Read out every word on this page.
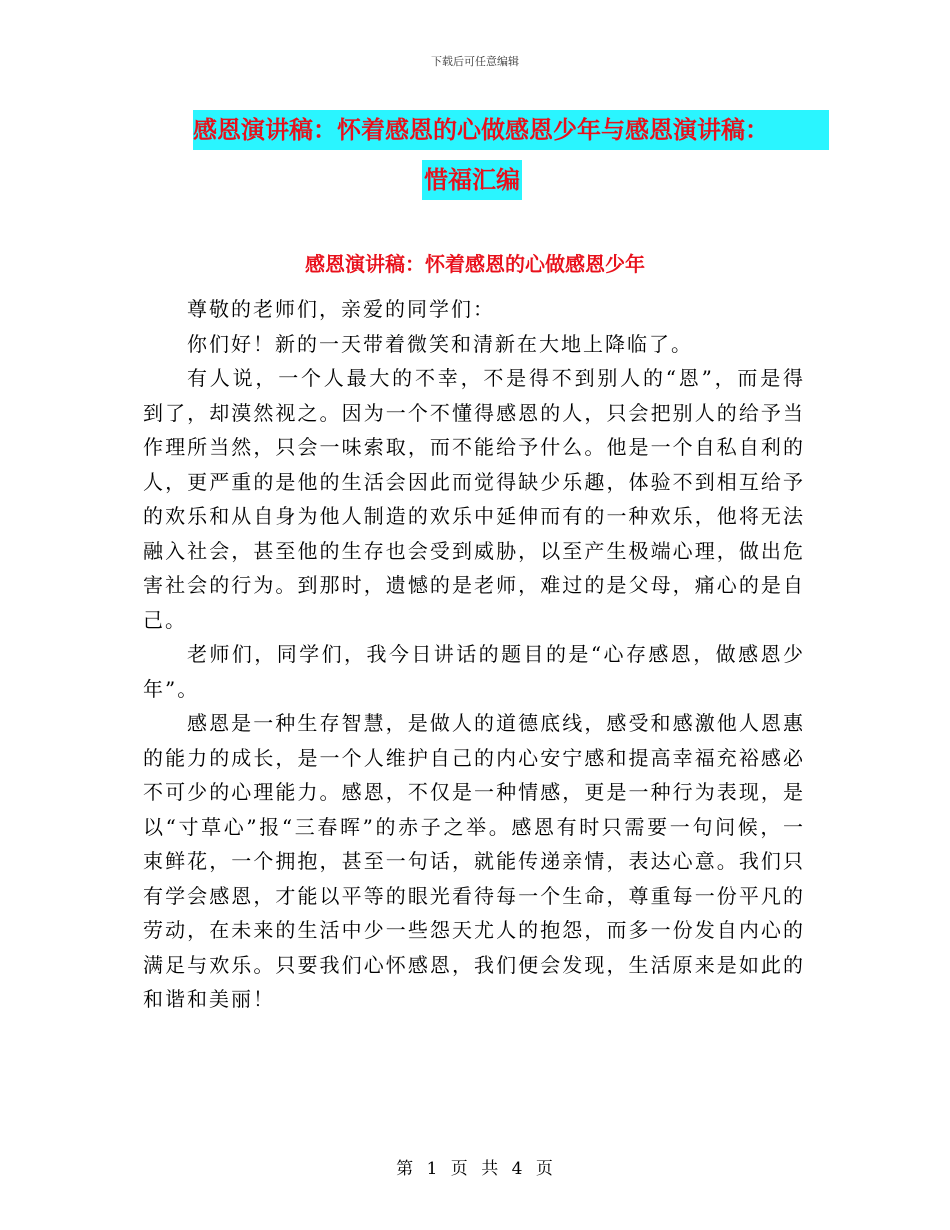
下载后可任意编辑
感恩演讲稿：怀着感恩的心做感恩少年与感恩演讲稿：
惜福汇编
感恩演讲稿：怀着感恩的心做感恩少年

尊敬的老师们，亲爱的同学们：

你们好！新的一天带着微笑和清新在大地上降临了。

有人说，一个人最大的不幸，不是得不到别人的“恩”，而是得到了，却漠然视之。因为一个不懂得感恩的人，只会把别人的给予当作理所当然，只会一味索取，而不能给予什么。他是一个自私自利的人，更严重的是他的生活会因此而觉得缺少乐趣，体验不到相互给予的欢乐和从自身为他人制造的欢乐中延伸而有的一种欢乐，他将无法融入社会，甚至他的生存也会受到威胁，以至产生极端心理，做出危害社会的行为。到那时，遗憾的是老师，难过的是父母，痛心的是自己。

老师们，同学们，我今日讲话的题目的是“心存感恩，做感恩少年”。

感恩是一种生存智慧，是做人的道德底线，感受和感激他人恩惠的能力的成长，是一个人维护自己的内心安宁感和提高幸福充裕感必不可少的心理能力。感恩，不仅是一种情感，更是一种行为表现，是以“寸草心”报“三春晖”的赤子之举。感恩有时只需要一句问候，一束鲜花，一个拥抱，甚至一句话，就能传递亲情，表达心意。我们只有学会感恩，才能以平等的眼光看待每一个生命，尊重每一份平凡的劳动，在未来的生活中少一些怨天尤人的抱怨，而多一份发自内心的满足与欢乐。只要我们心怀感恩，我们便会发现，生活原来是如此的和谐和美丽！

第 1 页 共 4 页
